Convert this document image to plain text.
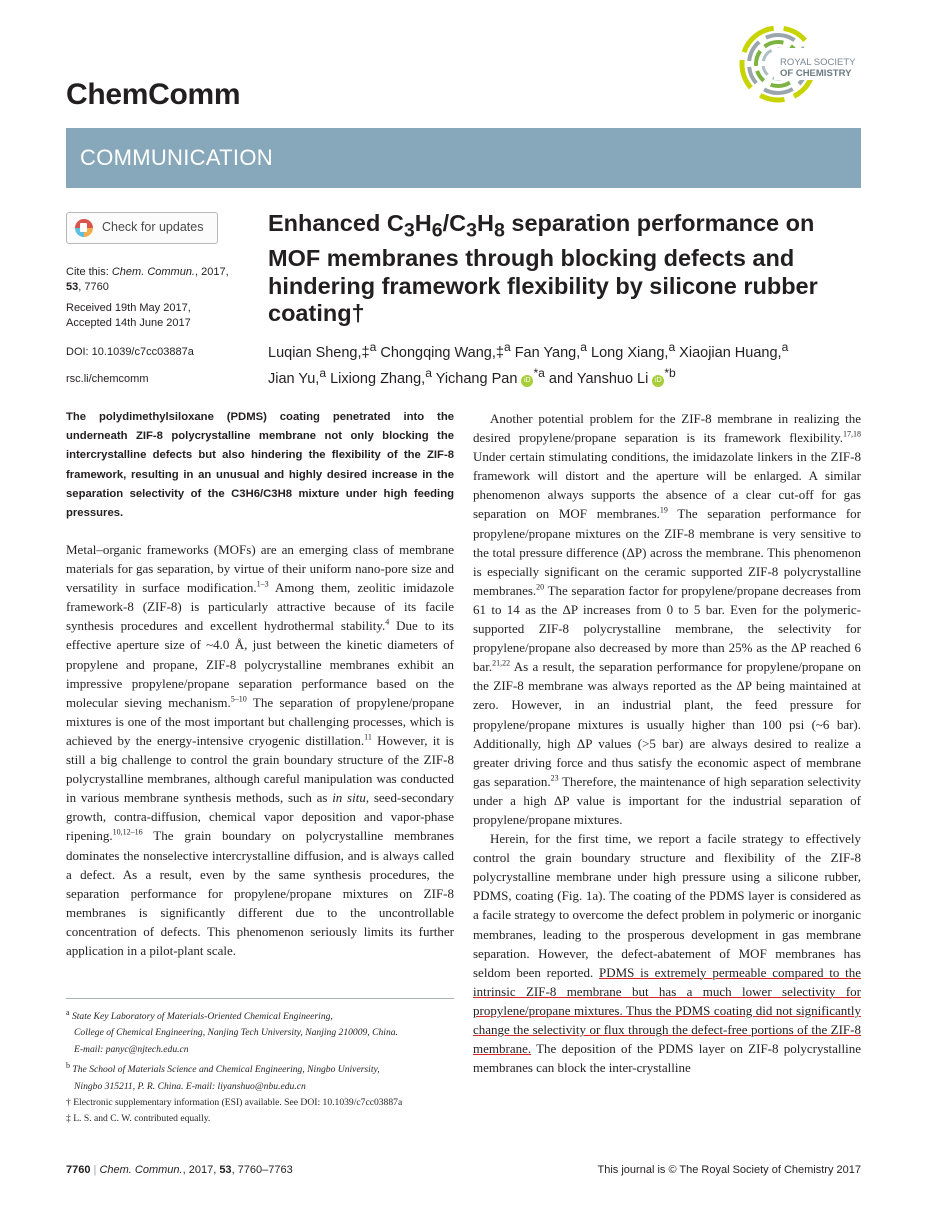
ChemComm
ROYAL SOCIETY
OF CHEMISTRY
COMMUNICATION
Check for updates
Cite this: Chem. Commun., 2017,
53, 7760
Received 19th May 2017,
Accepted 14th June 2017
DOI: 10.1039/c7cc03887a
rsc.li/chemcomm
Enhanced $C_3H_6/C_3H_8$ separation performance on MOF membranes through blocking defects and hindering framework flexibility by silicone rubber coating†
Luqian Sheng,‡$^a$ Chongqing Wang,‡$^a$ Fan Yang,$^a$ Long Xiang,$^a$ Xiaojian Huang,$^a$
Jian Yu,$^a$ Lixiong Zhang,$^a$ Yichang Pan $iD^{*a}$ and Yanshuo Li $iD^{*b}$
The polydimethylsiloxane (PDMS) coating penetrated into the underneath ZIF-8 polycrystalline membrane not only blocking the intercrystalline defects but also hindering the flexibility of the ZIF-8 framework, resulting in an unusual and highly desired increase in the separation selectivity of the C3H6/C3H8 mixture under high feeding pressures.

Metal–organic frameworks (MOFs) are an emerging class of membrane materials for gas separation, by virtue of their uniform nano-pore size and versatility in surface modification.$^{1-3}$ Among them, zeolitic imidazole framework-8 (ZIF-8) is particularly attractive because of its facile synthesis procedures and excellent hydrothermal stability.$^4$ Due to its effective aperture size of ~4.0 Å, just between the kinetic diameters of propylene and propane, ZIF-8 polycrystalline membranes exhibit an impressive propylene/propane separation performance based on the molecular sieving mechanism.$^{5-10}$ The separation of propylene/propane mixtures is one of the most important but challenging processes, which is achieved by the energy-intensive cryogenic distillation.$^{11}$ However, it is still a big challenge to control the grain boundary structure of the ZIF-8 polycrystalline membranes, although careful manipulation was conducted in various membrane synthesis methods, such as in situ, seed-secondary growth, contra-diffusion, chemical vapor deposition and vapor-phase ripening.$^{10,12-16}$ The grain boundary on polycrystalline membranes dominates the nonselective intercrystalline diffusion, and is always called a defect. As a result, even by the same synthesis procedures, the separation performance for propylene/propane mixtures on ZIF-8 membranes is significantly different due to the uncontrollable concentration of defects. This phenomenon seriously limits its further application in a pilot-plant scale.

Another potential problem for the ZIF-8 membrane in realizing the desired propylene/propane separation is its framework flexibility.$^{17,18}$ Under certain stimulating conditions, the imidazolate linkers in the ZIF-8 framework will distort and the aperture will be enlarged. A similar phenomenon always supports the absence of a clear cut-off for gas separation on MOF membranes.$^{19}$ The separation performance for propylene/propane mixtures on the ZIF-8 membrane is very sensitive to the total pressure difference (ΔP) across the membrane. This phenomenon is especially significant on the ceramic supported ZIF-8 polycrystalline membranes.$^{20}$ The separation factor for propylene/propane decreases from 61 to 14 as the ΔP increases from 0 to 5 bar. Even for the polymeric-supported ZIF-8 polycrystalline membrane, the selectivity for propylene/propane also decreased by more than 25% as the ΔP reached 6 bar.$^{21,22}$ As a result, the separation performance for propylene/propane on the ZIF-8 membrane was always reported as the ΔP being maintained at zero. However, in an industrial plant, the feed pressure for propylene/propane mixtures is usually higher than 100 psi (~6 bar). Additionally, high ΔP values (>5 bar) are always desired to realize a greater driving force and thus satisfy the economic aspect of membrane gas separation.$^{23}$ Therefore, the maintenance of high separation selectivity under a high ΔP value is important for the industrial separation of propylene/propane mixtures.

Herein, for the first time, we report a facile strategy to effectively control the grain boundary structure and flexibility of the ZIF-8 polycrystalline membrane under high pressure using a silicone rubber, PDMS, coating (Fig. 1a). The coating of the PDMS layer is considered as a facile strategy to overcome the defect problem in polymeric or inorganic membranes, leading to the prosperous development in gas membrane separation. However, the defect-abatement of MOF membranes has seldom been reported. PDMS is extremely permeable compared to the intrinsic ZIF-8 membrane but has a much lower selectivity for propylene/propane mixtures. Thus the PDMS coating did not significantly change the selectivity or flux through the defect-free portions of the ZIF-8 membrane. The deposition of the PDMS layer on ZIF-8 polycrystalline membranes can block the inter-crystalline

$^a$ State Key Laboratory of Materials-Oriented Chemical Engineering,
College of Chemical Engineering, Nanjing Tech University, Nanjing 210009, China.
E-mail: panyc@njtech.edu.cn
$^b$ The School of Materials Science and Chemical Engineering, Ningbo University,
Ningbo 315211, P. R. China. E-mail: liyanshuo@nbu.edu.cn
† Electronic supplementary information (ESI) available. See DOI: 10.1039/c7cc03887a
‡ L. S. and C. W. contributed equally.
7760 | Chem. Commun., 2017, 53, 7760–7763	This journal is © The Royal Society of Chemistry 2017
